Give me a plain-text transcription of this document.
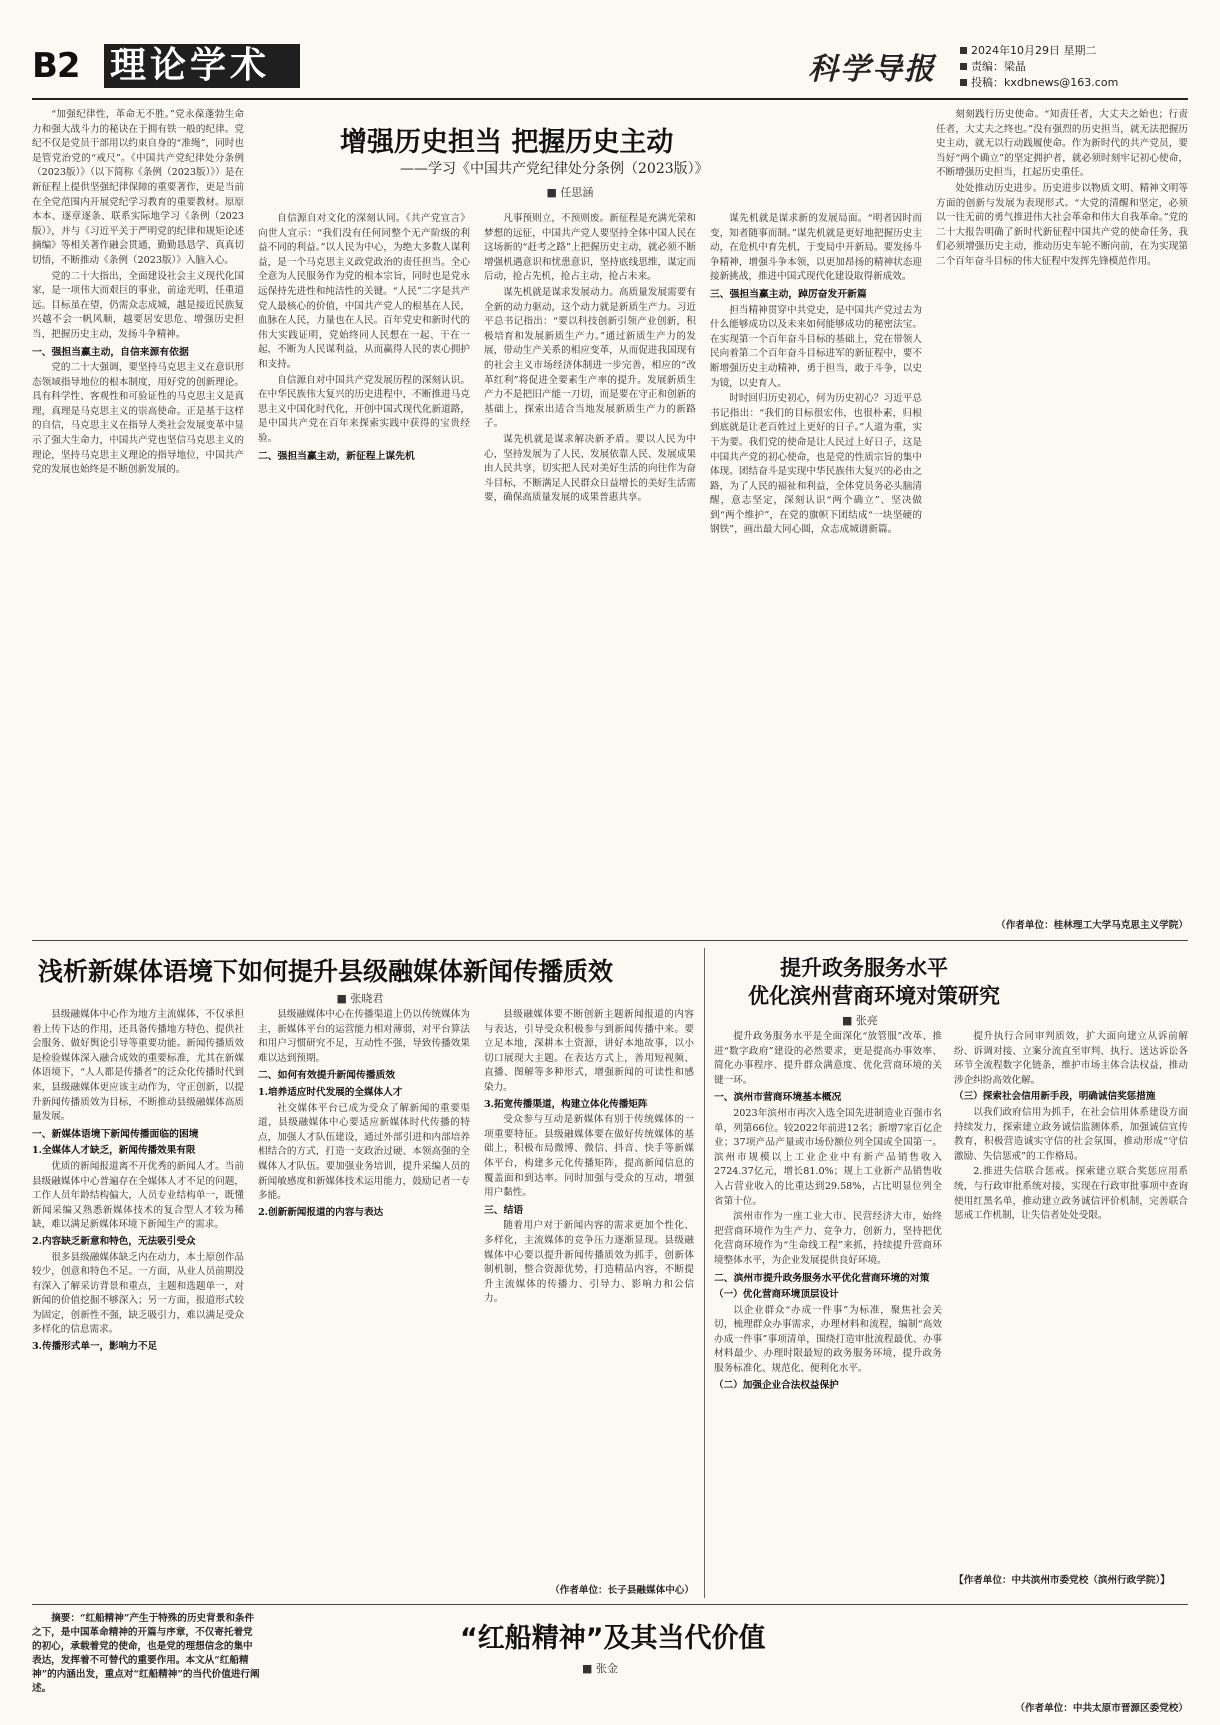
B2 理论学术	科学导报
2024年10月29日 星期二
责编：梁晶
投稿：kxdbnews@163.com
增强历史担当 把握历史主动
——学习《中国共产党纪律处分条例（2023版）》
■ 任思涵

“加强纪律性，革命无不胜。”党永葆蓬勃生命力和强大战斗力的秘诀在于拥有铁一般的纪律。党纪不仅是党员干部用以约束自身的“准绳”，同时也是管党治党的“戒尺”。《中国共产党纪律处分条例（2023版）》（以下简称《条例（2023版）》）是在新征程上提供坚强纪律保障的重要著作，更是当前在全党范围内开展党纪学习教育的重要教材。原原本本、逐章逐条、联系实际地学习《条例（2023版）》，并与《习近平关于严明党的纪律和规矩论述摘编》等相关著作融会贯通，勤勤恳恳学、真真切切悟，不断推动《条例（2023版）》入脑入心。

党的二十大指出，全面建设社会主义现代化国家，是一项伟大而艰巨的事业，前途光明，任重道远。目标虽在望，仍需众志成城，越是接近民族复兴越不会一帆风顺，越要居安思危、增强历史担当，把握历史主动，发扬斗争精神。

一、强担当赢主动，自信来源有依据

党的二十大强调，要坚持马克思主义在意识形态领域指导地位的根本制度，用好党的创新理论。具有科学性、客观性和可验证性的马克思主义是真理，真理是马克思主义的崇高使命。正是基于这样的自信，马克思主义在指导人类社会发展变革中显示了强大生命力，中国共产党也坚信马克思主义的理论，坚持马克思主义理论的指导地位，中国共产党的发展也始终是不断创新发展的。

自信源自对文化的深刻认同。《共产党宣言》向世人宣示：“我们没有任何同整个无产阶级的利益不同的利益。”以人民为中心，为绝大多数人谋利益，是一个马克思主义政党政治的责任担当。全心全意为人民服务作为党的根本宗旨，同时也是党永远保持先进性和纯洁性的关键。“人民”二字是共产党人最核心的价值，中国共产党人的根基在人民，血脉在人民，力量也在人民。百年党史和新时代的伟大实践证明，党始终同人民想在一起、干在一起，不断为人民谋利益，从而赢得人民的衷心拥护和支持。

自信源自对中国共产党发展历程的深刻认识。在中华民族伟大复兴的历史进程中，不断推进马克思主义中国化时代化，开创中国式现代化新道路，是中国共产党在百年来探索实践中获得的宝贵经验。

二、强担当赢主动，新征程上谋先机

凡事预则立，不预则废。新征程是充满光荣和梦想的远征，中国共产党人要坚持全体中国人民在这场新的“赶考之路”上把握历史主动，就必须不断增强机遇意识和忧患意识，坚持底线思维，谋定而后动，抢占先机，抢占主动，抢占未来。

谋先机就是谋求发展动力。高质量发展需要有全新的动力驱动，这个动力就是新质生产力。习近平总书记指出：“要以科技创新引领产业创新，积极培育和发展新质生产力。”通过新质生产力的发展，带动生产关系的相应变革，从而促进我国现有的社会主义市场经济体制进一步完善，相应的“改革红利”将促进全要素生产率的提升。发展新质生产力不是把旧产能一刀切，而是要在守正和创新的基础上，探索出适合当地发展新质生产力的新路子。

谋先机就是谋求解决新矛盾。要以人民为中心，坚持发展为了人民、发展依靠人民、发展成果由人民共享，切实把人民对美好生活的向往作为奋斗目标，不断满足人民群众日益增长的美好生活需要，确保高质量发展的成果普惠共享。

谋先机就是谋求新的发展局面。“明者因时而变，知者随事而制。”谋先机就是更好地把握历史主动，在危机中育先机，于变局中开新局。要发扬斗争精神，增强斗争本领，以更加昂扬的精神状态迎接新挑战，推进中国式现代化建设取得新成效。

三、强担当赢主动，踔厉奋发开新篇

担当精神贯穿中共党史，是中国共产党过去为什么能够成功以及未来如何能够成功的秘密法宝。在实现第一个百年奋斗目标的基础上，党在带领人民向着第二个百年奋斗目标进军的新征程中，要不断增强历史主动精神，勇于担当，敢于斗争，以史为镜，以史育人。

时时回归历史初心，何为历史初心？习近平总书记指出：“我们的目标很宏伟，也很朴素，归根到底就是让老百姓过上更好的日子。”人道为重，实干为要。我们党的使命是让人民过上好日子，这是中国共产党的初心使命，也是党的性质宗旨的集中体现。团结奋斗是实现中华民族伟大复兴的必由之路，为了人民的福祉和利益，全体党员务必头脑清醒，意志坚定，深刻认识“两个确立”、坚决做到“两个维护”，在党的旗帜下团结成“一块坚硬的钢铁”，画出最大同心圆，众志成城谱新篇。

刻刻践行历史使命。“知责任者，大丈夫之始也；行责任者，大丈夫之终也。”没有强烈的历史担当，就无法把握历史主动，就无以行动践履使命。作为新时代的共产党员，要当好“两个确立”的坚定拥护者，就必须时刻牢记初心使命，不断增强历史担当，扛起历史重任。

处处推动历史进步。历史进步以物质文明、精神文明等方面的创新与发展为表现形式。“大党的清醒和坚定，必须以一往无前的勇气推进伟大社会革命和伟大自我革命。”党的二十大报告明确了新时代新征程中国共产党的使命任务，我们必须增强历史主动，推动历史车轮不断向前，在为实现第二个百年奋斗目标的伟大征程中发挥先锋模范作用。

（作者单位：桂林理工大学马克思主义学院）
浅析新媒体语境下如何提升县级融媒体新闻传播质效
■ 张晓君

县级融媒体中心作为地方主流媒体，不仅承担着上传下达的作用，还具备传播地方特色、提供社会服务、做好舆论引导等重要功能。新闻传播质效是检验媒体深入融合成效的重要标准，尤其在新媒体语境下，“人人都是传播者”的泛众化传播时代到来，县级融媒体更应该主动作为，守正创新，以提升新闻传播质效为目标，不断推动县级融媒体高质量发展。

一、新媒体语境下新闻传播面临的困境

1.全媒体人才缺乏，新闻传播效果有限

优质的新闻报道离不开优秀的新闻人才。当前县级融媒体中心普遍存在全媒体人才不足的问题，工作人员年龄结构偏大，人员专业结构单一，既懂新闻采编又熟悉新媒体技术的复合型人才较为稀缺，难以满足新媒体环境下新闻生产的需求。

2.内容缺乏新意和特色，无法吸引受众

很多县级融媒体缺乏内在动力，本土原创作品较少，创意和特色不足。一方面，从业人员前期没有深入了解采访背景和重点，主题和选题单一，对新闻的价值挖掘不够深入；另一方面，报道形式较为固定，创新性不强，缺乏吸引力，难以满足受众多样化的信息需求。

3.传播形式单一，影响力不足

县级融媒体中心在传播渠道上仍以传统媒体为主，新媒体平台的运营能力相对薄弱，对平台算法和用户习惯研究不足，互动性不强，导致传播效果难以达到预期。

二、如何有效提升新闻传播质效

1.培养适应时代发展的全媒体人才

社交媒体平台已成为受众了解新闻的重要渠道，县级融媒体中心要适应新媒体时代传播的特点，加强人才队伍建设，通过外部引进和内部培养相结合的方式，打造一支政治过硬、本领高强的全媒体人才队伍。要加强业务培训，提升采编人员的新闻敏感度和新媒体技术运用能力，鼓励记者一专多能。

2.创新新闻报道的内容与表达

县级融媒体要不断创新主题新闻报道的内容与表达，引导受众积极参与到新闻传播中来。要立足本地，深耕本土资源，讲好本地故事，以小切口展现大主题。在表达方式上，善用短视频、直播、图解等多种形式，增强新闻的可读性和感染力。

3.拓宽传播渠道，构建立体化传播矩阵

受众参与互动是新媒体有别于传统媒体的一项重要特征。县级融媒体要在做好传统媒体的基础上，积极布局微博、微信、抖音、快手等新媒体平台，构建多元化传播矩阵，提高新闻信息的覆盖面和到达率。同时加强与受众的互动，增强用户黏性。

三、结语

随着用户对于新闻内容的需求更加个性化、多样化，主流媒体的竞争压力逐渐显现。县级融媒体中心要以提升新闻传播质效为抓手，创新体制机制，整合资源优势，打造精品内容，不断提升主流媒体的传播力、引导力、影响力和公信力。

（作者单位：长子县融媒体中心）
提升政务服务水平
优化滨州营商环境对策研究
■ 张亮

提升政务服务水平是全面深化“放管服”改革、推进“数字政府”建设的必然要求，更是提高办事效率、简化办事程序、提升群众满意度、优化营商环境的关键一环。

一、滨州市营商环境基本概况

2023年滨州市再次入选全国先进制造业百强市名单，列第66位。较2022年前进12名；新增7家百亿企业；37项产品产量或市场份额位列全国或全国第一。滨州市规模以上工业企业中有新产品销售收入2724.37亿元，增长81.0%；规上工业新产品销售收入占营业收入的比重达到29.58%，占比明显位列全省第十位。

滨州市作为一座工业大市、民营经济大市，始终把营商环境作为生产力、竞争力，创新力，坚持把优化营商环境作为“生命线工程”来抓，持续提升营商环境整体水平，为企业发展提供良好环境。

二、滨州市提升政务服务水平优化营商环境的对策

（一）优化营商环境顶层设计

以企业群众“办成一件事”为标准，聚焦社会关切，梳理群众办事需求，办理材料和流程，编制“高效办成一件事”事项清单，围绕打造审批流程最优、办事材料最少、办理时限最短的政务服务环境，提升政务服务标准化、规范化、便利化水平。

（二）加强企业合法权益保护

提升执行合同审判质效，扩大面向建立从诉前解纷、诉调对接、立案分流直至审判、执行、送达诉讼各环节全流程数字化链条，维护市场主体合法权益，推动涉企纠纷高效化解。

（三）探索社会信用新手段，明确诚信奖惩措施

以我们政府信用为抓手，在社会信用体系建设方面持续发力，探索建立政务诚信监测体系，加强诚信宣传教育，积极营造诚实守信的社会氛围，推动形成“守信激励、失信惩戒”的工作格局。

2.推进失信联合惩戒。探索建立联合奖惩应用系统，与行政审批系统对接，实现在行政审批事项中查询使用红黑名单，推动建立政务诚信评价机制，完善联合惩戒工作机制，让失信者处处受限。

【作者单位：中共滨州市委党校（滨州行政学院）】

摘要：“红船精神”产生于特殊的历史背景和条件之下，是中国革命精神的开篇与序章，不仅寄托着党的初心，承载着党的使命，也是党的理想信念的集中表达，发挥着不可替代的重要作用。本文从“红船精神”的内涵出发，重点对“红船精神”的当代价值进行阐述。

“红船精神”及其当代价值
■ 张金
（作者单位：中共太原市晋源区委党校）
